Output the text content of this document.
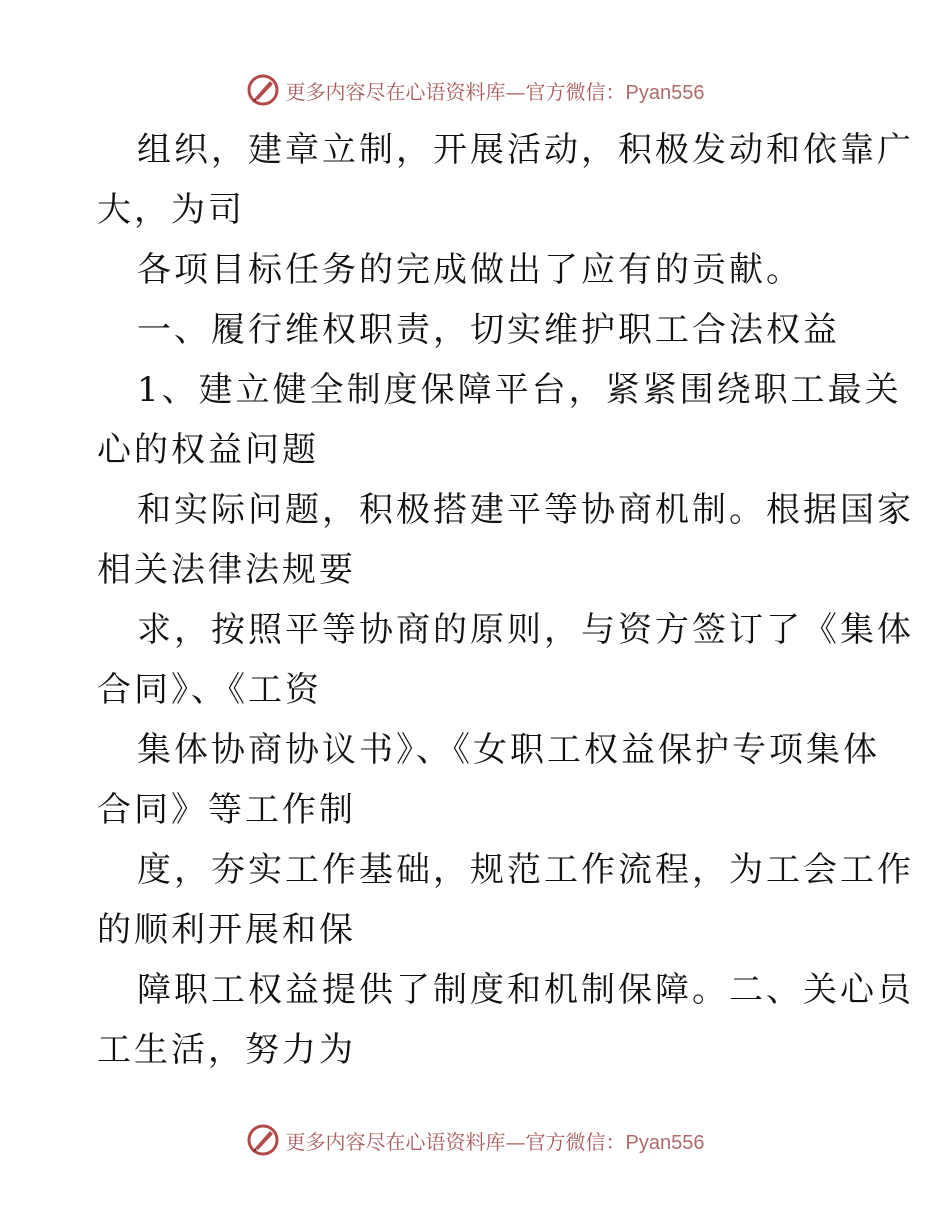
更多内容尽在心语资料库—官方微信：Pyan556
组织，建章立制，开展活动，积极发动和依靠广
大，为司
各项目标任务的完成做出了应有的贡献。
一、履行维权职责，切实维护职工合法权益
1、建立健全制度保障平台，紧紧围绕职工最关
心的权益问题
和实际问题，积极搭建平等协商机制。根据国家
相关法律法规要
求，按照平等协商的原则，与资方签订了《集体
合同》、《工资
集体协商协议书》、《女职工权益保护专项集体
合同》等工作制
度，夯实工作基础，规范工作流程，为工会工作
的顺利开展和保
障职工权益提供了制度和机制保障。二、关心员
工生活，努力为
更多内容尽在心语资料库—官方微信：Pyan556
